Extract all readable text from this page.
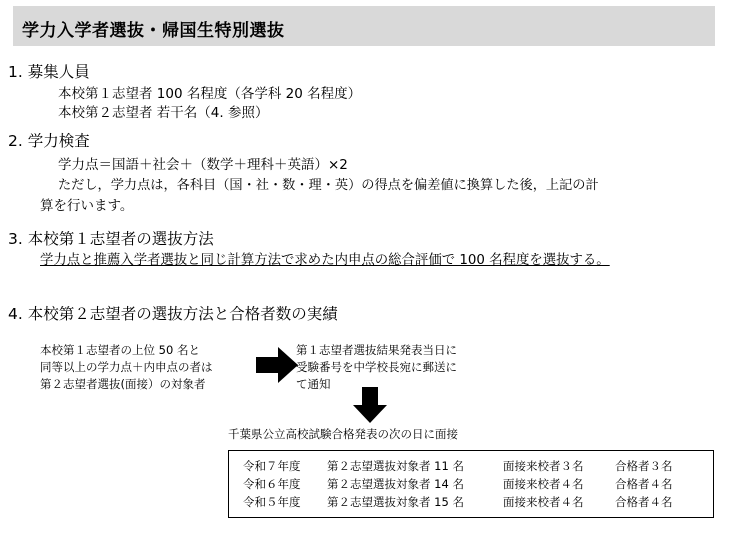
学力入学者選抜・帰国生特別選抜
1. 募集人員
本校第１志望者 100 名程度（各学科 20 名程度）
本校第２志望者 若干名（4. 参照）
2. 学力検査
学力点＝国語＋社会＋（数学＋理科＋英語）×2
ただし，学力点は，各科目（国・社・数・理・英）の得点を偏差値に換算した後，上記の計
算を行います。
3. 本校第１志望者の選抜方法
学力点と推薦入学者選抜と同じ計算方法で求めた内申点の総合評価で 100 名程度を選抜する。
4. 本校第２志望者の選抜方法と合格者数の実績
本校第１志望者の上位 50 名と
同等以上の学力点＋内申点の者は
第２志望者選抜(面接）の対象者
第１志望者選抜結果発表当日に
受験番号を中学校長宛に郵送に
て通知
千葉県公立高校試験合格発表の次の日に面接
令和７年度 第２志望選抜対象者 11 名	面接来校者３名	合格者３名
令和６年度 第２志望選抜対象者 14 名	面接来校者４名	合格者４名
令和５年度 第２志望選抜対象者 15 名	面接来校者４名	合格者４名
